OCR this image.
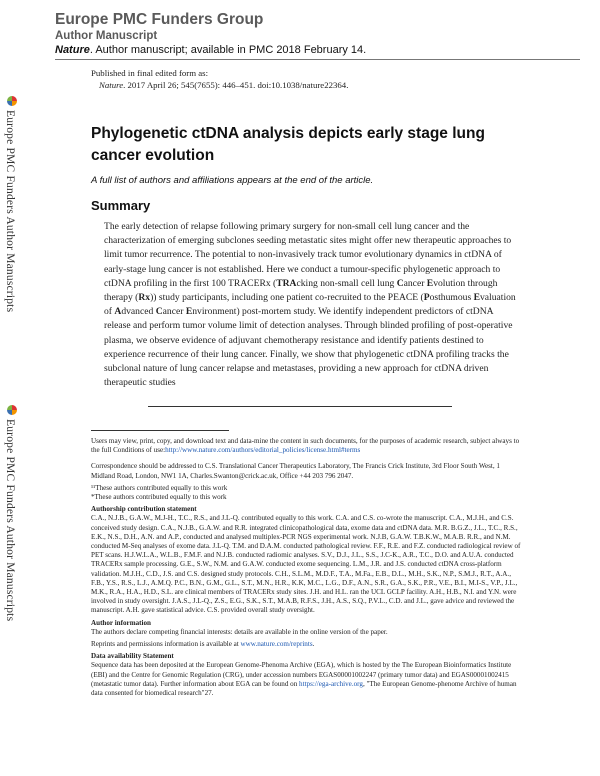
Europe PMC Funders Group
Author Manuscript
Nature. Author manuscript; available in PMC 2018 February 14.
Published in final edited form as:
Nature. 2017 April 26; 545(7655): 446–451. doi:10.1038/nature22364.
Europe PMC Funders Author Manuscripts
Europe PMC Funders Author Manuscripts
Phylogenetic ctDNA analysis depicts early stage lung cancer evolution
A full list of authors and affiliations appears at the end of the article.
Summary

The early detection of relapse following primary surgery for non-small cell lung cancer and the characterization of emerging subclones seeding metastatic sites might offer new therapeutic approaches to limit tumor recurrence. The potential to non-invasively track tumor evolutionary dynamics in ctDNA of early-stage lung cancer is not established. Here we conduct a tumour-specific phylogenetic approach to ctDNA profiling in the first 100 TRACERx (TRAcking non-small cell lung Cancer Evolution through therapy (Rx)) study participants, including one patient co-recruited to the PEACE (Posthumous Evaluation of Advanced Cancer Environment) post-mortem study. We identify independent predictors of ctDNA release and perform tumor volume limit of detection analyses. Through blinded profiling of post-operative plasma, we observe evidence of adjuvant chemotherapy resistance and identify patients destined to experience recurrence of their lung cancer. Finally, we show that phylogenetic ctDNA profiling tracks the subclonal nature of lung cancer relapse and metastases, providing a new approach for ctDNA driven therapeutic studies

Users may view, print, copy, and download text and data-mine the content in such documents, for the purposes of academic research, subject always to the full Conditions of use:http://www.nature.com/authors/editorial_policies/license.html#terms

Correspondence should be addressed to C.S. Translational Cancer Therapeutics Laboratory, The Francis Crick Institute, 3rd Floor South West, 1 Midland Road, London, NW1 1A, Charles.Swanton@crick.ac.uk, Office +44 203 796 2047.

¹¹These authors contributed equally to this work

*These authors contributed equally to this work

Authorship contribution statement

C.A., N.J.B., G.A.W., M.J-H., T.C., R.S., and J.L-Q. contributed equally to this work. C.A. and C.S. co-wrote the manuscript. C.A., M.J.H., and C.S. conceived study design. C.A., N.J.B., G.A.W. and R.R. integrated clinicopathological data, exome data and ctDNA data. M.R. B.G.Z., J.L., T.C., R.S., E.K., N.S., D.H., A.N. and A.P., conducted and analysed multiplex-PCR NGS experimental work. N.J.B, G.A.W. T.B.K.W., M.A.B. R.R., and N.M. conducted M-Seq analyses of exome data. J.L-Q. T.M. and D.A.M. conducted pathological review. F.F., R.E. and F.Z. conducted radiological review of PET scans. H.J.W.L.A., W.L.B., F.M.F. and N.J.B. conducted radiomic analyses. S.V., D.J., J.L., S.S., J.C-K., A.R., T.C., D.O. and A.U.A. conducted TRACERx sample processing. G.E., S.W., N.M. and G.A.W. conducted exome sequencing. L.M., J.R. and J.S. conducted ctDNA cross-platform validation. M.J.H., C.D., J.S. and C.S. designed study protocols. C.H., S.L.M., M.D.F., T.A., M.Fa., E.B., D.L., M.H., S.K., N.P., S.M.J., R.T., A.A., F.B., Y.S., R.S., L.J., A.M.Q. P.C., B.N., G.M., G.L., S.T., M.N., H.R., K.K, M.C., L.G., D.F., A.N., S.R., G.A., S.K., P.R., V.E., B.I., M.I-S., V.P., J.L., M.K., R.A., H.A., H.D., S.L. are clinical members of TRACERx study sites. J.H. and H.L. ran the UCL GCLP facility. A.H., H.B., N.I. and Y.N. were involved in study oversight. J.A.S., J.L-Q., Z.S., E.G., S.K., S.T., M.A.B, R.F.S., J.H., A.S., S.Q., P.V.L., C.D. and J.L., gave advice and reviewed the manuscript. A.H. gave statistical advice. C.S. provided overall study oversight.

Author information

The authors declare competing financial interests: details are available in the online version of the paper.

Reprints and permissions information is available at www.nature.com/reprints.

Data availability Statement

Sequence data has been deposited at the European Genome-Phenoma Archive (EGA), which is hosted by the The European Bioinformatics Institute (EBI) and the Centre for Genomic Regulation (CRG), under accession numbers EGAS00001002247 (primary tumor data) and EGAS00001002415 (metastatic tumor data). Further information about EGA can be found on https://ega-archive.org, "The European Genome-phenome Archive of human data consented for biomedical research"27.
